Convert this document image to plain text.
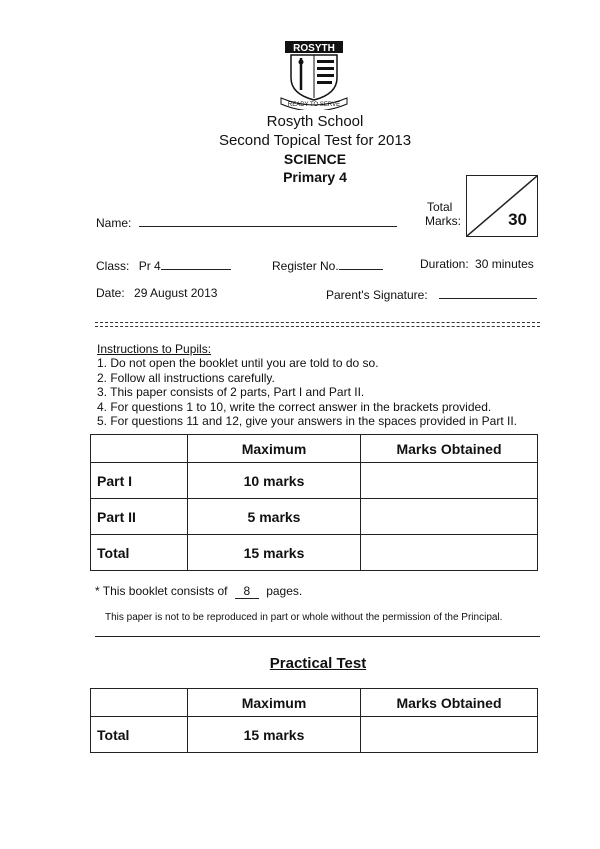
ROSYTH
READY TO SERVE
Rosyth School
Second Topical Test for 2013
SCIENCE
Primary 4
Name:
Total
Marks:	30
Class: Pr 4	Register No.	Duration: 30 minutes
Date: 29 August 2013	Parent's Signature:
Instructions to Pupils:
1. Do not open the booklet until you are told to do so.
2. Follow all instructions carefully.
3. This paper consists of 2 parts, Part I and Part II.
4. For questions 1 to 10, write the correct answer in the brackets provided.
5. For questions 11 and 12, give your answers in the spaces provided in Part II.
	Maximum	Marks Obtained
Part I	10 marks	
Part II	5 marks	
Total	15 marks	
* This booklet consists of 8 pages.
This paper is not to be reproduced in part or whole without the permission of the Principal.
Practical Test
	Maximum	Marks Obtained
Total	15 marks	
